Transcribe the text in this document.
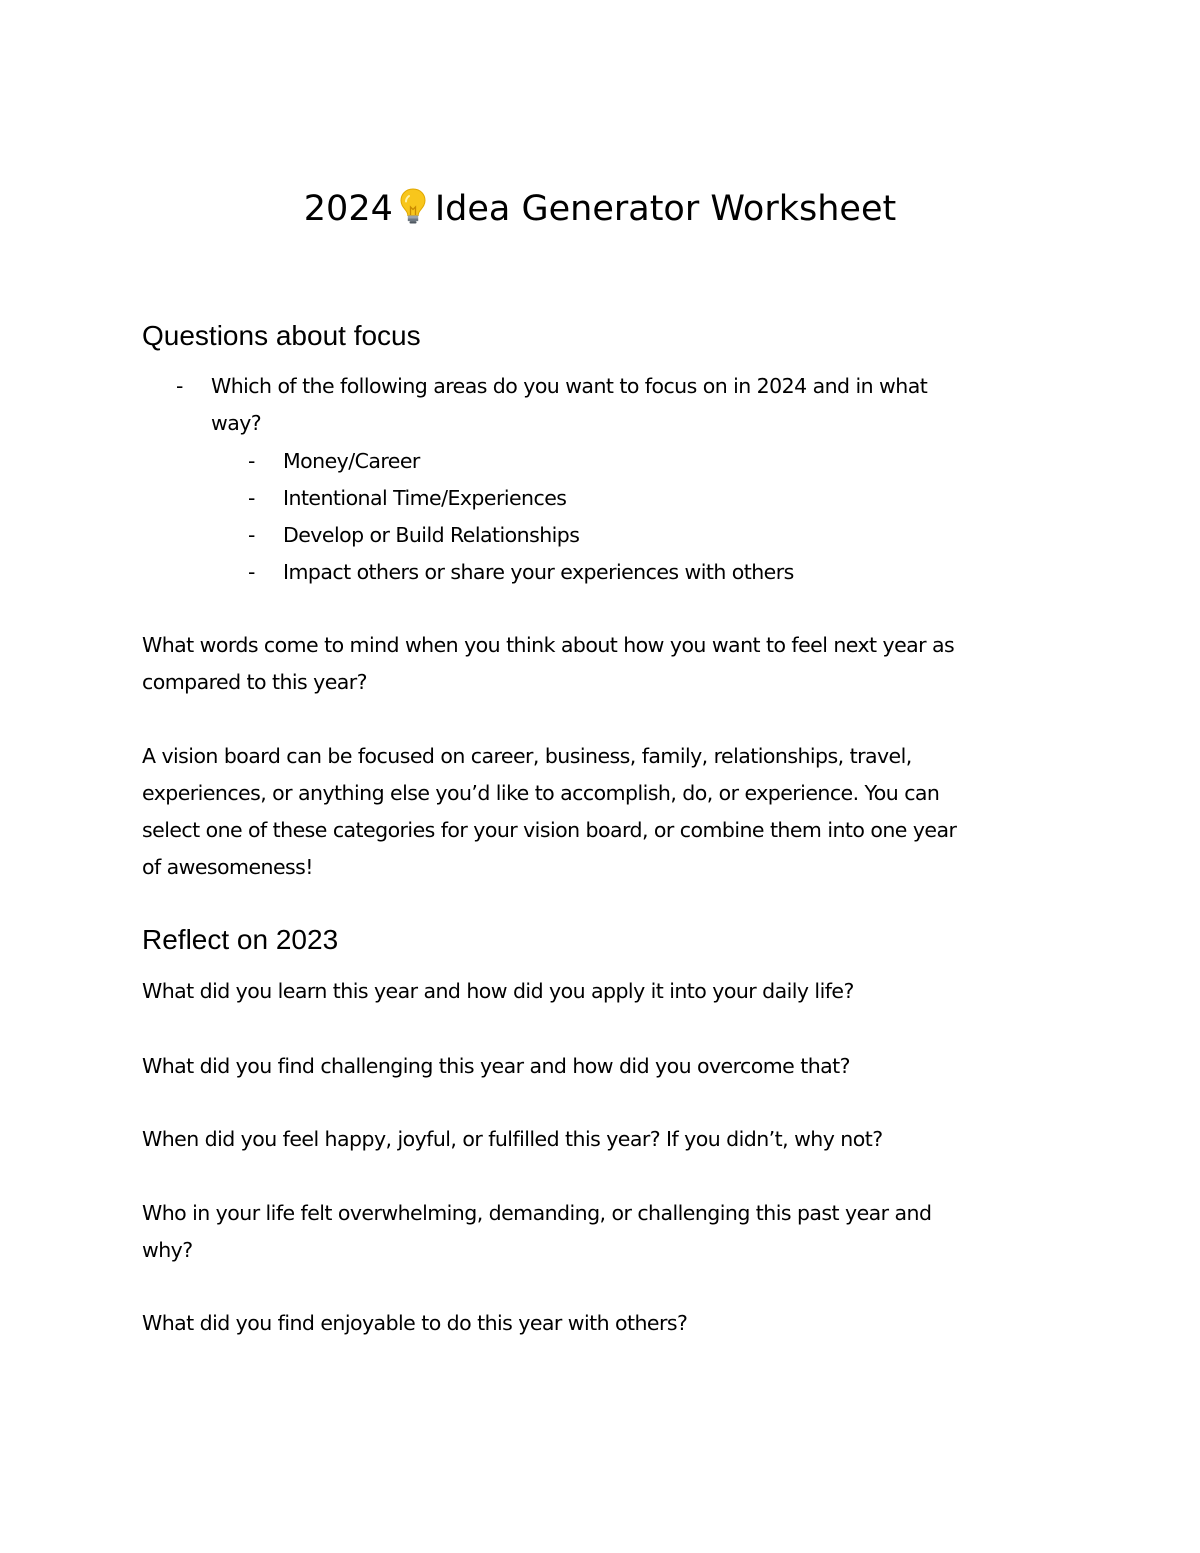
2024 Idea Generator Worksheet
Questions about focus
- Which of the following areas do you want to focus on in 2024 and in what
way?
- Money/Career
- Intentional Time/Experiences
- Develop or Build Relationships
- Impact others or share your experiences with others
What words come to mind when you think about how you want to feel next year as
compared to this year?
A vision board can be focused on career, business, family, relationships, travel,
experiences, or anything else you’d like to accomplish, do, or experience. You can
select one of these categories for your vision board, or combine them into one year
of awesomeness!
Reflect on 2023
What did you learn this year and how did you apply it into your daily life?
What did you find challenging this year and how did you overcome that?
When did you feel happy, joyful, or fulfilled this year? If you didn’t, why not?
Who in your life felt overwhelming, demanding, or challenging this past year and
why?
What did you find enjoyable to do this year with others?
